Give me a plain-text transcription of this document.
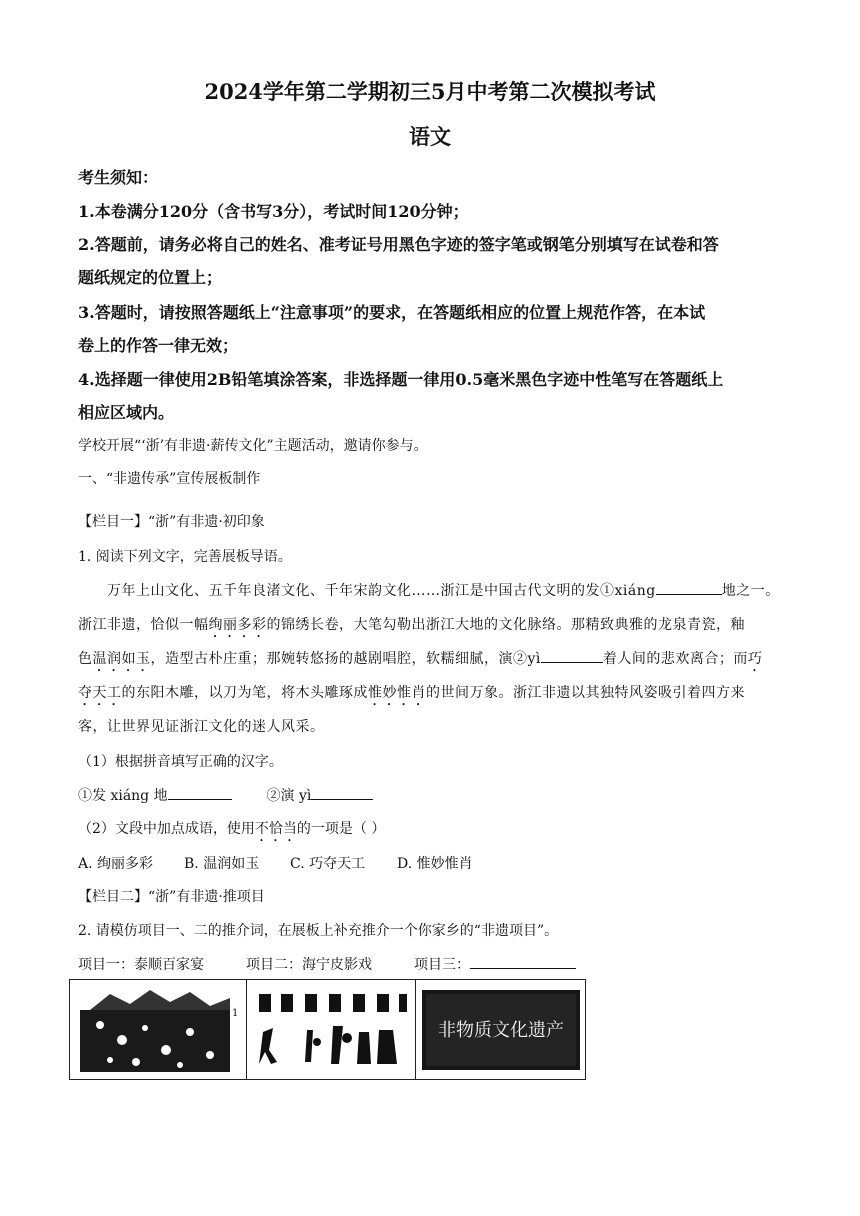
2024学年第二学期初三5月中考第二次模拟考试
语文
考生须知：
1.本卷满分120分（含书写3分），考试时间120分钟；
2.答题前，请务必将自己的姓名、准考证号用黑色字迹的签字笔或钢笔分别填写在试卷和答
题纸规定的位置上；
3.答题时，请按照答题纸上“注意事项”的要求，在答题纸相应的位置上规范作答，在本试
卷上的作答一律无效；
4.选择题一律使用2B铅笔填涂答案，非选择题一律用0.5毫米黑色字迹中性笔写在答题纸上
相应区域内。
学校开展“‘浙’有非遗·薪传文化”主题活动，邀请你参与。
一、“非遗传承”宣传展板制作
【栏目一】“浙”有非遗·初印象
1. 阅读下列文字，完善展板导语。
万年上山文化、五千年良渚文化、千年宋韵文化……浙江是中国古代文明的发①xiáng	地之一。
浙江非遗，恰似一幅绚丽多彩的锦绣长卷，大笔勾勒出浙江大地的文化脉络。那精致典雅的龙泉青瓷，釉
色温润如玉，造型古朴庄重；那婉转悠扬的越剧唱腔，软糯细腻，演②yì	着人间的悲欢离合；而巧
夺天工的东阳木雕，以刀为笔，将木头雕琢成惟妙惟肖的世间万象。浙江非遗以其独特风姿吸引着四方来
客，让世界见证浙江文化的迷人风采。
（1）根据拼音填写正确的汉字。
①发 xiáng 地	②演 yì
（2）文段中加点成语，使用不恰当的一项是（ ）
A. 绚丽多彩 B. 温润如玉 C. 巧夺天工 D. 惟妙惟肖
【栏目二】“浙”有非遗·推项目
2. 请模仿项目一、二的推介词，在展板上补充推介一个你家乡的“非遗项目”。
项目一：泰顺百家宴	项目二：海宁皮影戏	项目三：
1
非物质文化遗产
